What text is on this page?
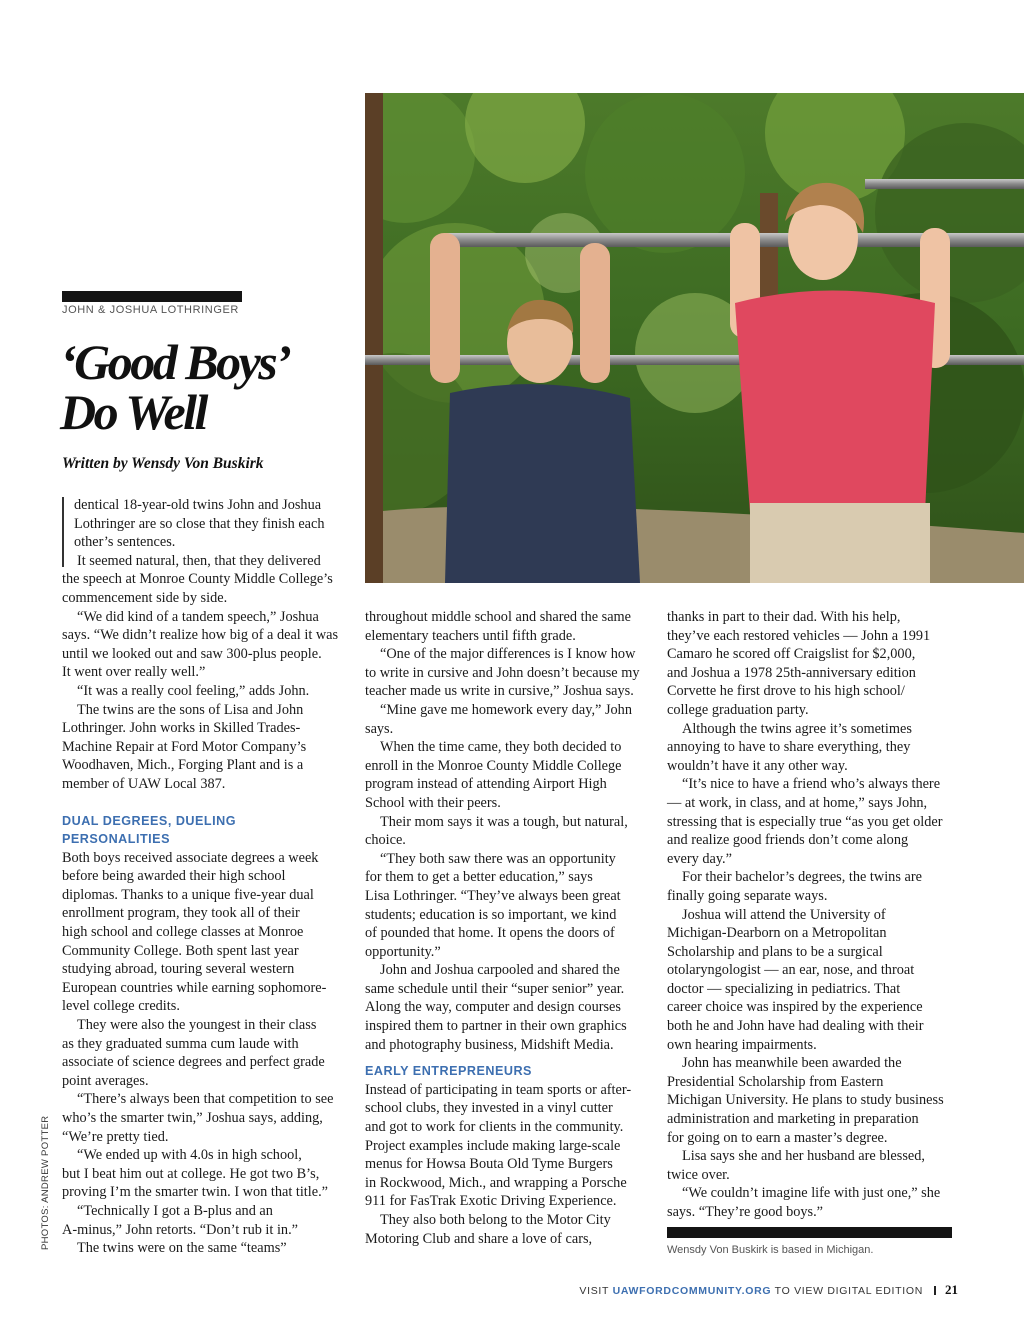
JOHN & JOSHUA LOTHRINGER
‘Good Boys’
Do Well
Written by Wensdy Von Buskirk

dentical 18-year-old twins John and Joshua
Lothringer are so close that they finish each
other’s sentences.

It seemed natural, then, that they delivered
the speech at Monroe County Middle College’s
commencement side by side.

“We did kind of a tandem speech,” Joshua
says. “We didn’t realize how big of a deal it was
until we looked out and saw 300-plus people.
It went over really well.”

“It was a really cool feeling,” adds John.

The twins are the sons of Lisa and John
Lothringer. John works in Skilled Trades-
Machine Repair at Ford Motor Company’s
Woodhaven, Mich., Forging Plant and is a
member of UAW Local 387.

DUAL DEGREES, DUELING
PERSONALITIES

Both boys received associate degrees a week
before being awarded their high school
diplomas. Thanks to a unique five-year dual
enrollment program, they took all of their
high school and college classes at Monroe
Community College. Both spent last year
studying abroad, touring several western
European countries while earning sophomore-
level college credits.

They were also the youngest in their class
as they graduated summa cum laude with
associate of science degrees and perfect grade
point averages.

“There’s always been that competition to see
who’s the smarter twin,” Joshua says, adding,
“We’re pretty tied.

“We ended up with 4.0s in high school,
but I beat him out at college. He got two B’s,
proving I’m the smarter twin. I won that title.”

“Technically I got a B-plus and an
A-minus,” John retorts. “Don’t rub it in.”

The twins were on the same “teams”

throughout middle school and shared the same
elementary teachers until fifth grade.

“One of the major differences is I know how
to write in cursive and John doesn’t because my
teacher made us write in cursive,” Joshua says.

“Mine gave me homework every day,” John
says.

When the time came, they both decided to
enroll in the Monroe County Middle College
program instead of attending Airport High
School with their peers.

Their mom says it was a tough, but natural,
choice.

“They both saw there was an opportunity
for them to get a better education,” says
Lisa Lothringer. “They’ve always been great
students; education is so important, we kind
of pounded that home. It opens the doors of
opportunity.”

John and Joshua carpooled and shared the
same schedule until their “super senior” year.
Along the way, computer and design courses
inspired them to partner in their own graphics
and photography business, Midshift Media.

EARLY ENTREPRENEURS

Instead of participating in team sports or after-
school clubs, they invested in a vinyl cutter
and got to work for clients in the community.
Project examples include making large-scale
menus for Howsa Bouta Old Tyme Burgers
in Rockwood, Mich., and wrapping a Porsche
911 for FasTrak Exotic Driving Experience.

They also both belong to the Motor City
Motoring Club and share a love of cars,

thanks in part to their dad. With his help,
they’ve each restored vehicles — John a 1991
Camaro he scored off Craigslist for $2,000,
and Joshua a 1978 25th-anniversary edition
Corvette he first drove to his high school/
college graduation party.

Although the twins agree it’s sometimes
annoying to have to share everything, they
wouldn’t have it any other way.

“It’s nice to have a friend who’s always there
— at work, in class, and at home,” says John,
stressing that is especially true “as you get older
and realize good friends don’t come along
every day.”

For their bachelor’s degrees, the twins are
finally going separate ways.

Joshua will attend the University of
Michigan-Dearborn on a Metropolitan
Scholarship and plans to be a surgical
otolaryngologist — an ear, nose, and throat
doctor — specializing in pediatrics. That
career choice was inspired by the experience
both he and John have had dealing with their
own hearing impairments.

John has meanwhile been awarded the
Presidential Scholarship from Eastern
Michigan University. He plans to study business
administration and marketing in preparation
for going on to earn a master’s degree.

Lisa says she and her husband are blessed,
twice over.

“We couldn’t imagine life with just one,” she
says. “They’re good boys.”

Wensdy Von Buskirk is based in Michigan.
PHOTOS: ANDREW POTTER
VISIT UAWFORDCOMMUNITY.ORG TO VIEW DIGITAL EDITION 21
